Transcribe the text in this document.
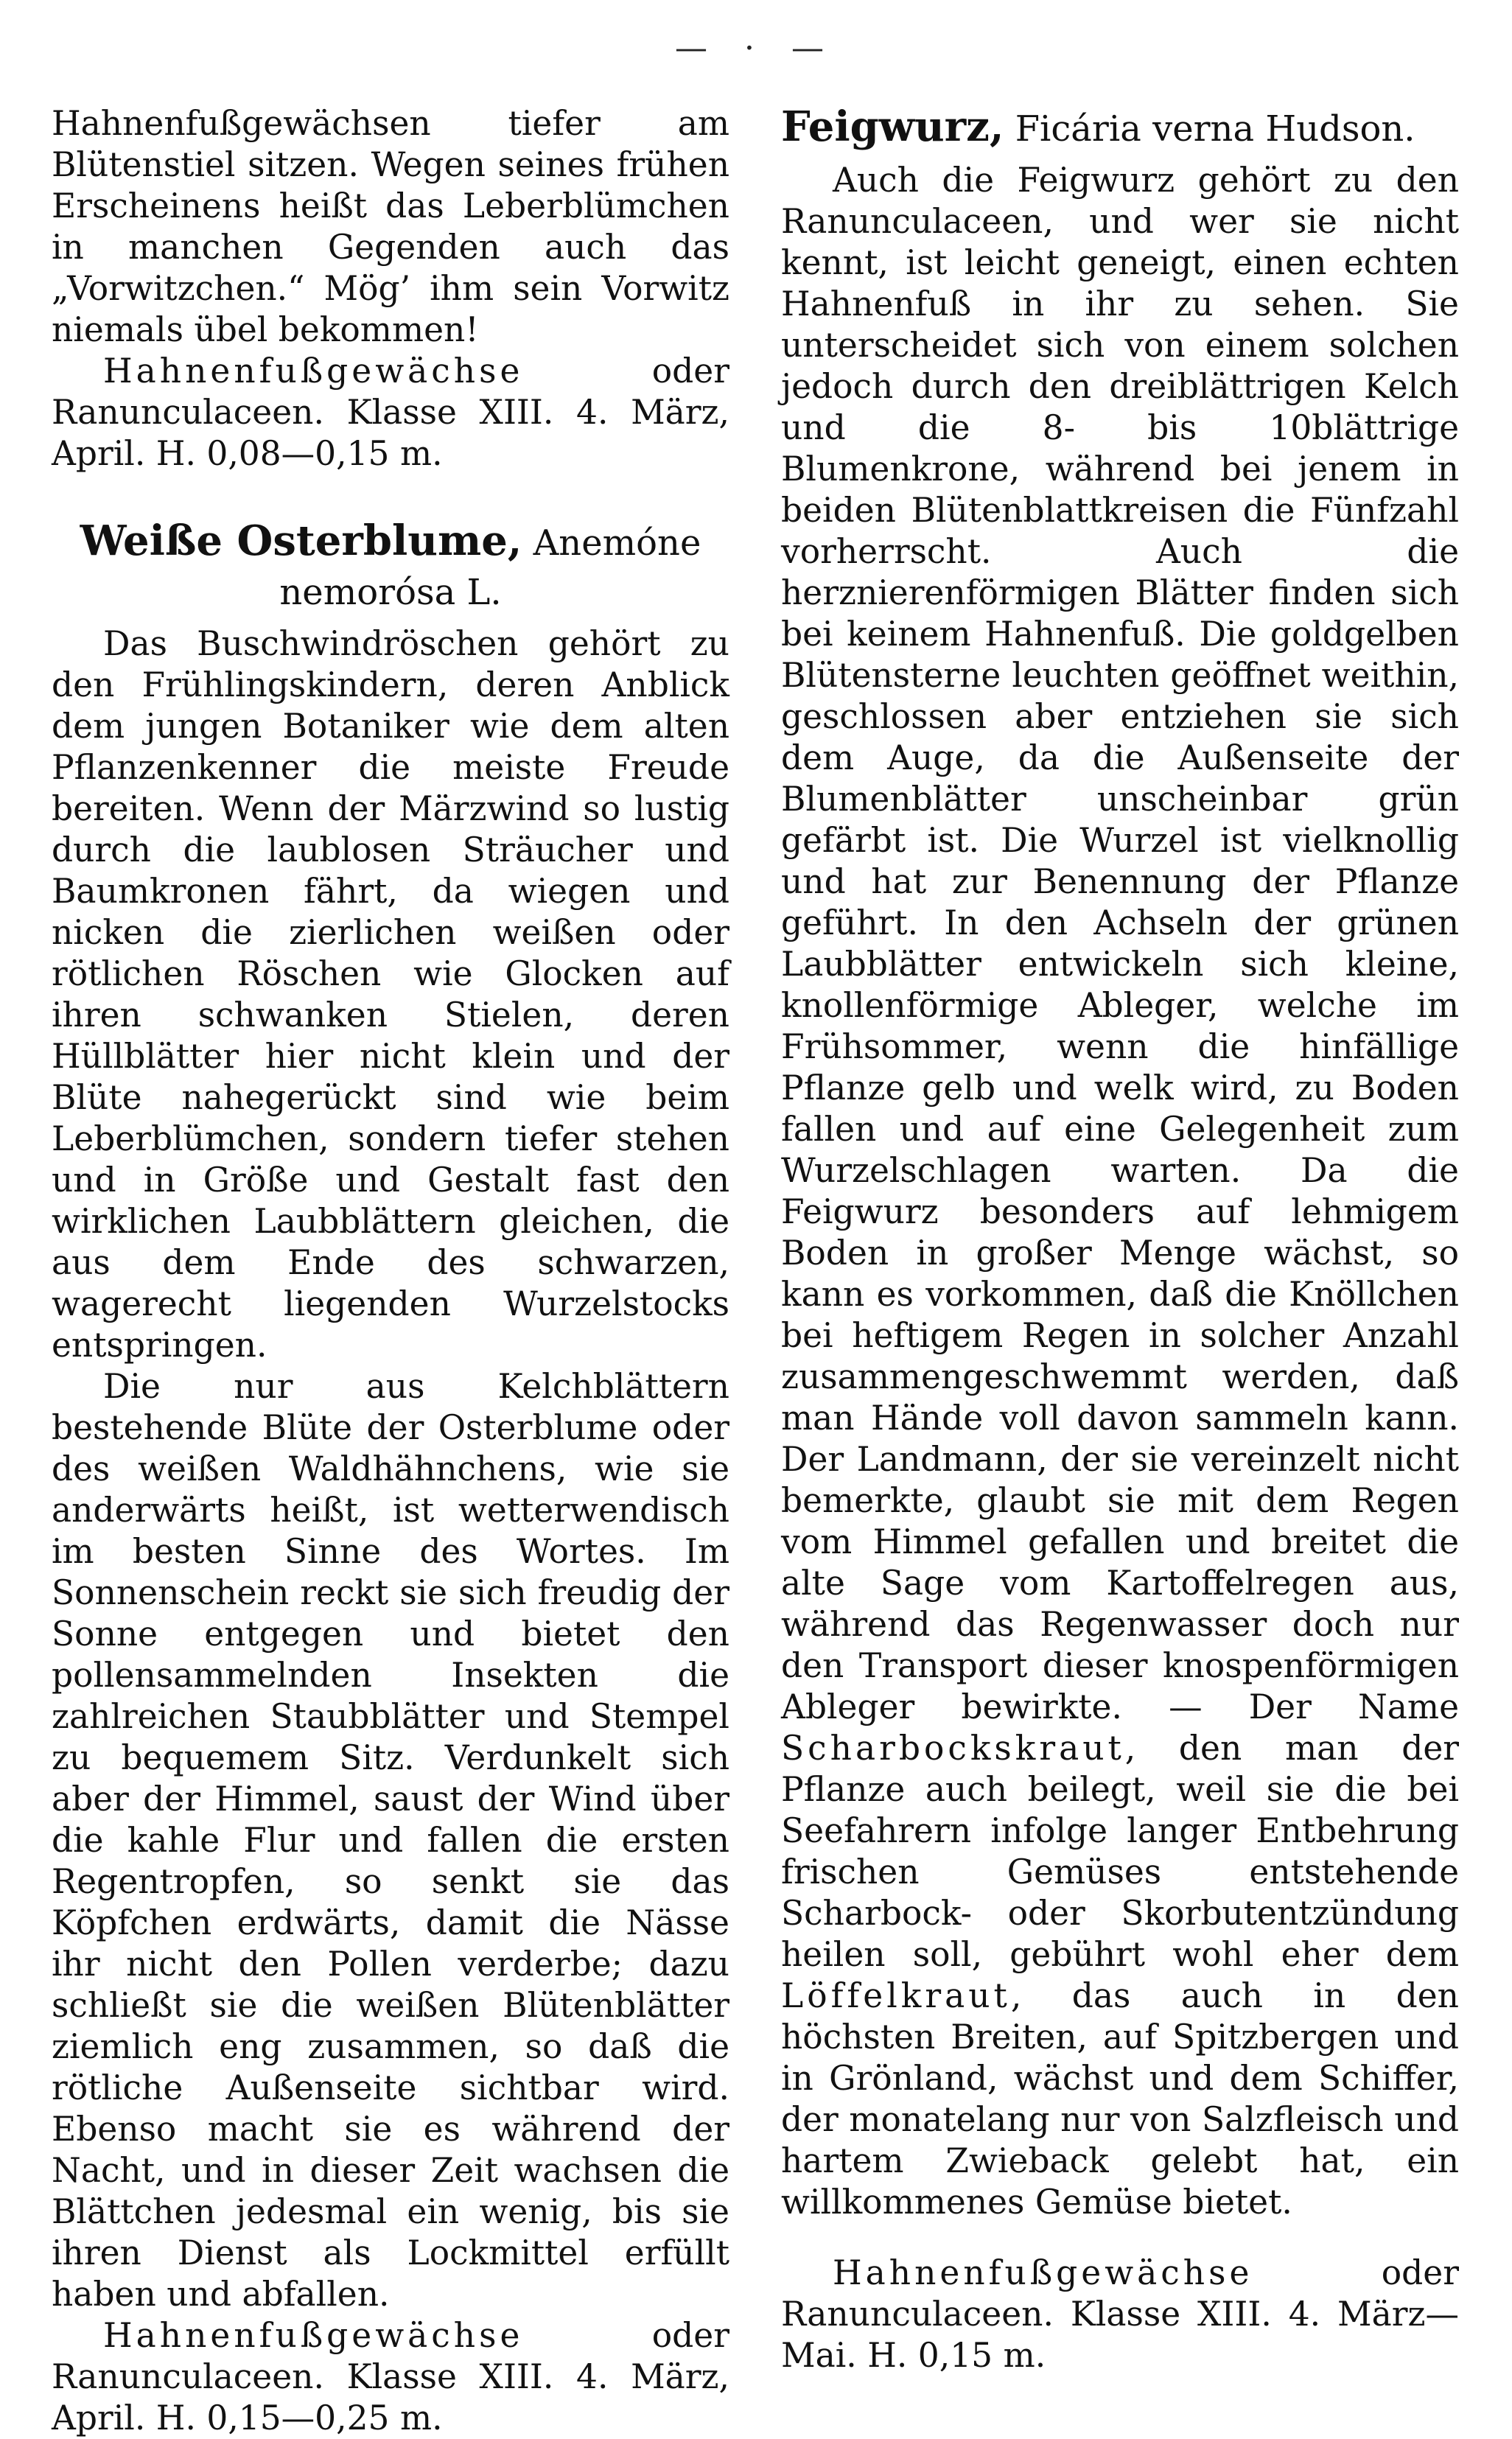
— · —

Hahnenfußgewächsen tiefer am Blütenstiel sitzen. Wegen seines frühen Erscheinens heißt das Leberblümchen in manchen Gegenden auch das „Vorwitzchen.“ Mög’ ihm sein Vorwitz niemals übel bekommen!

Hahnenfußgewächse oder Ranunculaceen. Klasse XIII. 4. März, April. H. 0,08—0,15 m.

Weiße Osterblume, Anemóne nemorósa L.

Das Buschwindröschen gehört zu den Frühlingskindern, deren Anblick dem jungen Botaniker wie dem alten Pflanzenkenner die meiste Freude bereiten. Wenn der Märzwind so lustig durch die laublosen Sträucher und Baumkronen fährt, da wiegen und nicken die zierlichen weißen oder rötlichen Röschen wie Glocken auf ihren schwanken Stielen, deren Hüllblätter hier nicht klein und der Blüte nahegerückt sind wie beim Leberblümchen, sondern tiefer stehen und in Größe und Gestalt fast den wirklichen Laubblättern gleichen, die aus dem Ende des schwarzen, wagerecht liegenden Wurzelstocks entspringen.

Die nur aus Kelchblättern bestehende Blüte der Osterblume oder des weißen Waldhähnchens, wie sie anderwärts heißt, ist wetterwendisch im besten Sinne des Wortes. Im Sonnenschein reckt sie sich freudig der Sonne entgegen und bietet den pollensammelnden Insekten die zahlreichen Staubblätter und Stempel zu bequemem Sitz. Verdunkelt sich aber der Himmel, saust der Wind über die kahle Flur und fallen die ersten Regentropfen, so senkt sie das Köpfchen erdwärts, damit die Nässe ihr nicht den Pollen verderbe; dazu schließt sie die weißen Blütenblätter ziemlich eng zusammen, so daß die rötliche Außenseite sichtbar wird. Ebenso macht sie es während der Nacht, und in dieser Zeit wachsen die Blättchen jedesmal ein wenig, bis sie ihren Dienst als Lockmittel erfüllt haben und abfallen.

Hahnenfußgewächse oder Ranunculaceen. Klasse XIII. 4. März, April. H. 0,15—0,25 m.

Feigwurz, Ficária verna Hudson.

Auch die Feigwurz gehört zu den Ranunculaceen, und wer sie nicht kennt, ist leicht geneigt, einen echten Hahnenfuß in ihr zu sehen. Sie unterscheidet sich von einem solchen jedoch durch den dreiblättrigen Kelch und die 8- bis 10blättrige Blumenkrone, während bei jenem in beiden Blütenblattkreisen die Fünfzahl vorherrscht. Auch die herznierenförmigen Blätter finden sich bei keinem Hahnenfuß. Die goldgelben Blütensterne leuchten geöffnet weithin, geschlossen aber entziehen sie sich dem Auge, da die Außenseite der Blumenblätter unscheinbar grün gefärbt ist. Die Wurzel ist vielknollig und hat zur Benennung der Pflanze geführt. In den Achseln der grünen Laubblätter entwickeln sich kleine, knollenförmige Ableger, welche im Frühsommer, wenn die hinfällige Pflanze gelb und welk wird, zu Boden fallen und auf eine Gelegenheit zum Wurzelschlagen warten. Da die Feigwurz besonders auf lehmigem Boden in großer Menge wächst, so kann es vorkommen, daß die Knöllchen bei heftigem Regen in solcher Anzahl zusammengeschwemmt werden, daß man Hände voll davon sammeln kann. Der Landmann, der sie vereinzelt nicht bemerkte, glaubt sie mit dem Regen vom Himmel gefallen und breitet die alte Sage vom Kartoffelregen aus, während das Regenwasser doch nur den Transport dieser knospenförmigen Ableger bewirkte. — Der Name Scharbockskraut, den man der Pflanze auch beilegt, weil sie die bei Seefahrern infolge langer Entbehrung frischen Gemüses entstehende Scharbock- oder Skorbutentzündung heilen soll, gebührt wohl eher dem Löffelkraut, das auch in den höchsten Breiten, auf Spitzbergen und in Grönland, wächst und dem Schiffer, der monatelang nur von Salzfleisch und hartem Zwieback gelebt hat, ein willkommenes Gemüse bietet.

Hahnenfußgewächse oder Ranunculaceen. Klasse XIII. 4. März—Mai. H. 0,15 m.
